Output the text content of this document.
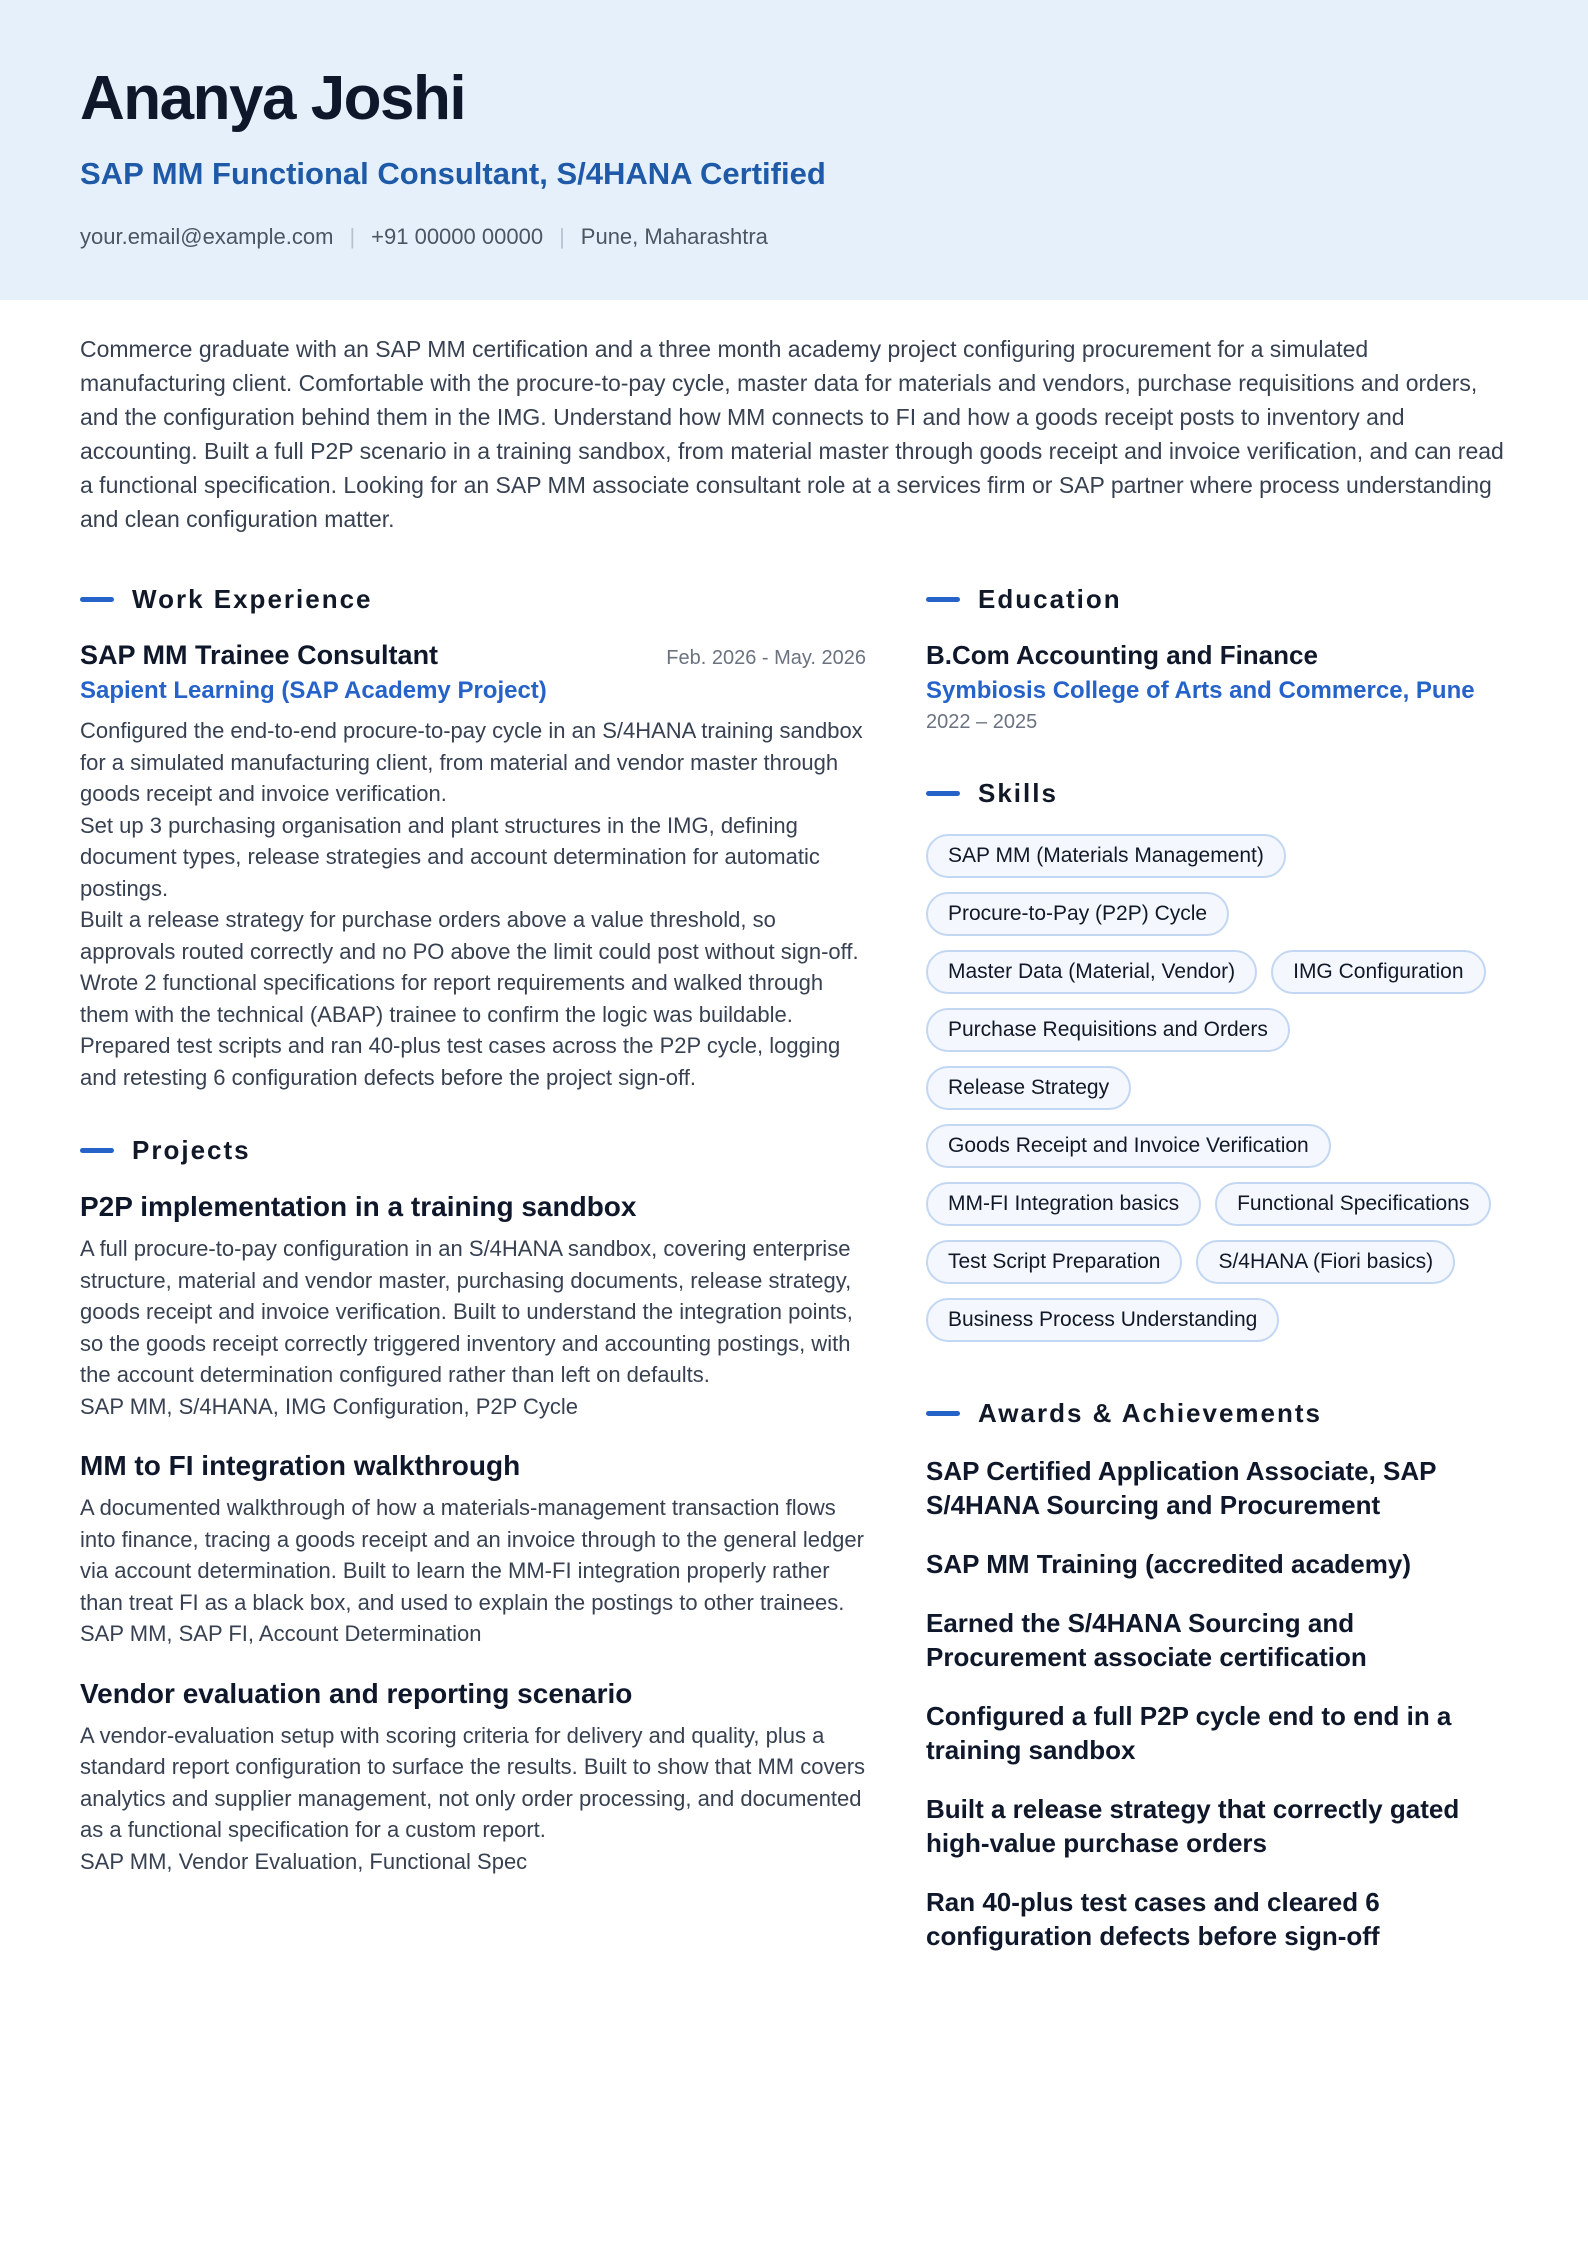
Ananya Joshi
SAP MM Functional Consultant, S/4HANA Certified
your.email@example.com | +91 00000 00000 | Pune, Maharashtra
Commerce graduate with an SAP MM certification and a three month academy project configuring procurement for a simulated manufacturing client. Comfortable with the procure-to-pay cycle, master data for materials and vendors, purchase requisitions and orders, and the configuration behind them in the IMG. Understand how MM connects to FI and how a goods receipt posts to inventory and accounting. Built a full P2P scenario in a training sandbox, from material master through goods receipt and invoice verification, and can read a functional specification. Looking for an SAP MM associate consultant role at a services firm or SAP partner where process understanding and clean configuration matter.
Work Experience
SAP MM Trainee Consultant	Feb. 2026 - May. 2026
Sapient Learning (SAP Academy Project)
Configured the end-to-end procure-to-pay cycle in an S/4HANA training sandbox for a simulated manufacturing client, from material and vendor master through goods receipt and invoice verification.
Set up 3 purchasing organisation and plant structures in the IMG, defining document types, release strategies and account determination for automatic postings.
Built a release strategy for purchase orders above a value threshold, so approvals routed correctly and no PO above the limit could post without sign-off.
Wrote 2 functional specifications for report requirements and walked through them with the technical (ABAP) trainee to confirm the logic was buildable.
Prepared test scripts and ran 40-plus test cases across the P2P cycle, logging and retesting 6 configuration defects before the project sign-off.
Projects
P2P implementation in a training sandbox
A full procure-to-pay configuration in an S/4HANA sandbox, covering enterprise structure, material and vendor master, purchasing documents, release strategy, goods receipt and invoice verification. Built to understand the integration points, so the goods receipt correctly triggered inventory and accounting postings, with the account determination configured rather than left on defaults.
SAP MM, S/4HANA, IMG Configuration, P2P Cycle
MM to FI integration walkthrough
A documented walkthrough of how a materials-management transaction flows into finance, tracing a goods receipt and an invoice through to the general ledger via account determination. Built to learn the MM-FI integration properly rather than treat FI as a black box, and used to explain the postings to other trainees.
SAP MM, SAP FI, Account Determination
Vendor evaluation and reporting scenario
A vendor-evaluation setup with scoring criteria for delivery and quality, plus a standard report configuration to surface the results. Built to show that MM covers analytics and supplier management, not only order processing, and documented as a functional specification for a custom report.
SAP MM, Vendor Evaluation, Functional Spec
Education
B.Com Accounting and Finance
Symbiosis College of Arts and Commerce, Pune
2022 – 2025
Skills
SAP MM (Materials Management)
Procure-to-Pay (P2P) Cycle
Master Data (Material, Vendor)	IMG Configuration
Purchase Requisitions and Orders
Release Strategy
Goods Receipt and Invoice Verification
MM-FI Integration basics	Functional Specifications
Test Script Preparation	S/4HANA (Fiori basics)
Business Process Understanding
Awards & Achievements
SAP Certified Application Associate, SAP S/4HANA Sourcing and Procurement
SAP MM Training (accredited academy)
Earned the S/4HANA Sourcing and Procurement associate certification
Configured a full P2P cycle end to end in a training sandbox
Built a release strategy that correctly gated high-value purchase orders
Ran 40-plus test cases and cleared 6 configuration defects before sign-off
